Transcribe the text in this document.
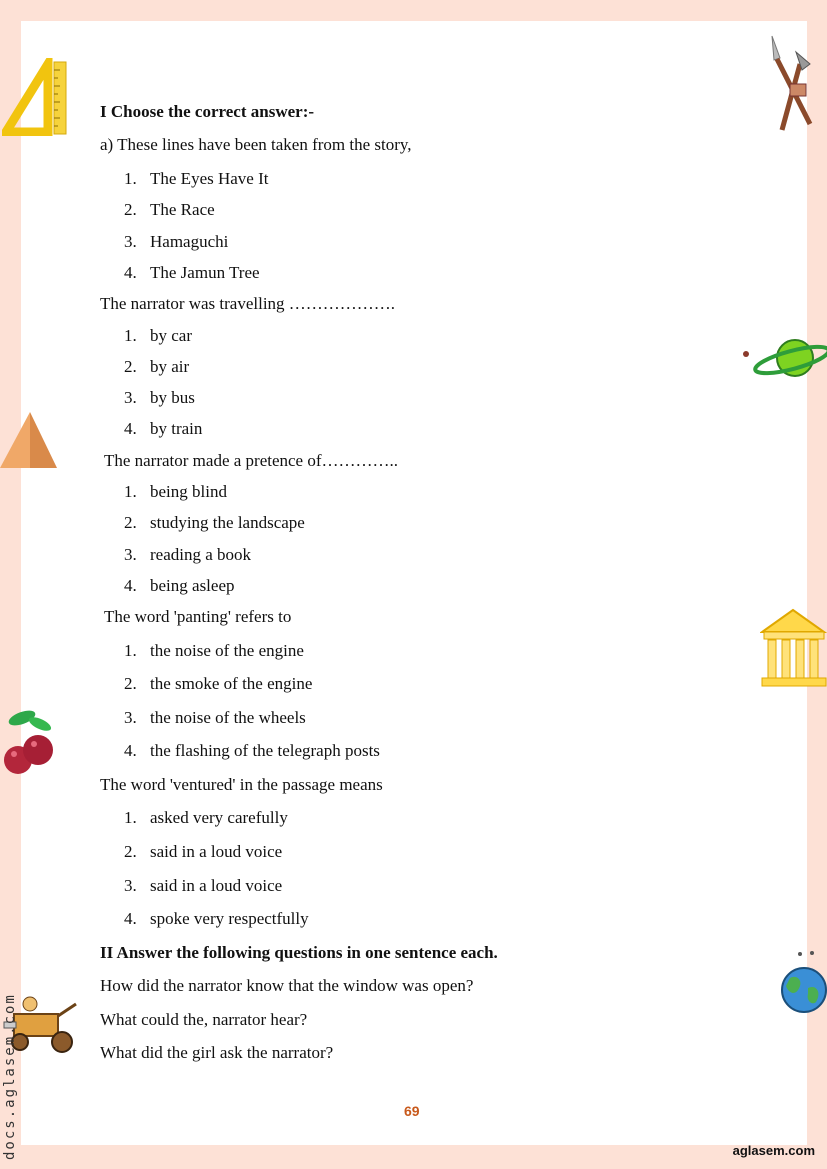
I Choose the correct answer:-
a) These lines have been taken from the story,
1. The Eyes Have It
2. The Race
3. Hamaguchi
4. The Jamun Tree
The narrator was travelling ……………….
1. by car
2. by air
3. by bus
4. by train
The narrator made a pretence of…………..
1. being blind
2. studying the landscape
3. reading a book
4. being asleep
The word 'panting' refers to
1. the noise of the engine
2. the smoke of the engine
3. the noise of the wheels
4. the flashing of the telegraph posts
The word 'ventured' in the passage means
1. asked very carefully
2. said in a loud voice
3. said in a loud voice
4. spoke very respectfully
II Answer the following questions in one sentence each.
How did the narrator know that the window was open?
What could the, narrator hear?
What did the girl ask the narrator?
69
aglasem.com
docs.aglasem.com
